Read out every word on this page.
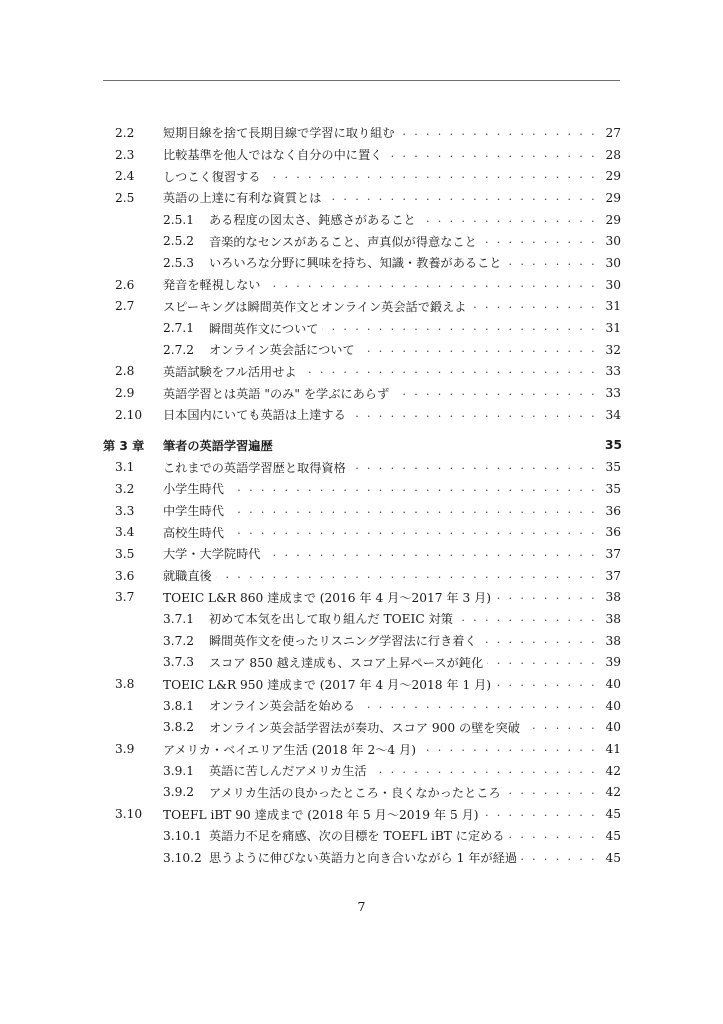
2.2	短期目線を捨て長期目線で学習に取り組む . . .	27
2.3	比較基準を他人ではなく自分の中に置く . . .	28
2.4	しつこく復習する . . .	29
2.5	英語の上達に有利な資質とは . . .	29
2.5.1	ある程度の図太さ、鈍感さがあること . . .	29
2.5.2	音楽的なセンスがあること、声真似が得意なこと . . .	30
2.5.3	いろいろな分野に興味を持ち、知識・教養があること . . .	30
2.6	発音を軽視しない . . .	30
2.7	スピーキングは瞬間英作文とオンライン英会話で鍛えよ . . .	31
2.7.1	瞬間英作文について . . .	31
2.7.2	オンライン英会話について . . .	32
2.8	英語試験をフル活用せよ . . .	33
2.9	英語学習とは英語 "のみ" を学ぶにあらず . . .	33
2.10	日本国内にいても英語は上達する . . .	34
第 3 章	筆者の英語学習遍歴	35
3.1	これまでの英語学習歴と取得資格 . . .	35
3.2	小学生時代 . . .	35
3.3	中学生時代 . . .	36
3.4	高校生時代 . . .	36
3.5	大学・大学院時代 . . .	37
3.6	就職直後 . . .	37
3.7	TOEIC L&R 860 達成まで (2016 年 4 月〜2017 年 3 月) . . .	38
3.7.1	初めて本気を出して取り組んだ TOEIC 対策 . . .	38
3.7.2	瞬間英作文を使ったリスニング学習法に行き着く . . .	38
3.7.3	スコア 850 越え達成も、スコア上昇ペースが鈍化 . . .	39
3.8	TOEIC L&R 950 達成まで (2017 年 4 月〜2018 年 1 月) . . .	40
3.8.1	オンライン英会話を始める . . .	40
3.8.2	オンライン英会話学習法が奏功、スコア 900 の壁を突破 . . .	40
3.9	アメリカ・ベイエリア生活 (2018 年 2〜4 月) . . .	41
3.9.1	英語に苦しんだアメリカ生活 . . .	42
3.9.2	アメリカ生活の良かったところ・良くなかったところ . . .	42
3.10	TOEFL iBT 90 達成まで (2018 年 5 月〜2019 年 5 月) . . .	45
3.10.1 英語力不足を痛感、次の目標を TOEFL iBT に定める . . .	45
3.10.2 思うように伸びない英語力と向き合いながら 1 年が経過 . . .	45
7
